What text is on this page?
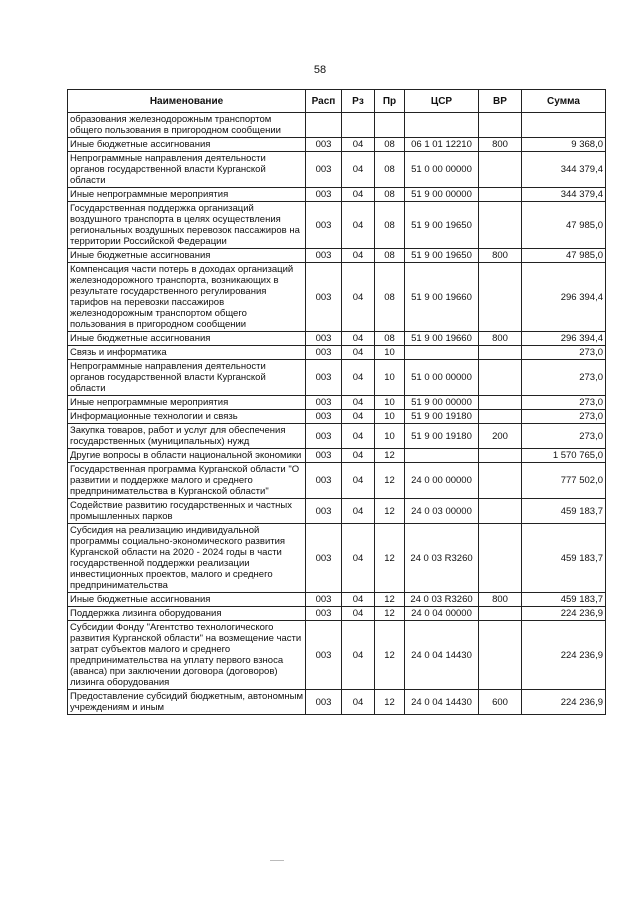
58
Наименование	Расп	Рз	Пр	ЦСР	ВР	Сумма
образования железнодорожным транспортом общего пользования в пригородном сообщении						
Иные бюджетные ассигнования	003	04	08	06 1 01 12210	800	9 368,0
Непрограммные направления деятельности органов государственной власти Курганской области	003	04	08	51 0 00 00000		344 379,4
Иные непрограммные мероприятия	003	04	08	51 9 00 00000		344 379,4
Государственная поддержка организаций воздушного транспорта в целях осуществления региональных воздушных перевозок пассажиров на территории Российской Федерации	003	04	08	51 9 00 19650		47 985,0
Иные бюджетные ассигнования	003	04	08	51 9 00 19650	800	47 985,0
Компенсация части потерь в доходах организаций железнодорожного транспорта, возникающих в результате государственного регулирования тарифов на перевозки пассажиров железнодорожным транспортом общего пользования в пригородном сообщении	003	04	08	51 9 00 19660		296 394,4
Иные бюджетные ассигнования	003	04	08	51 9 00 19660	800	296 394,4
Связь и информатика	003	04	10			273,0
Непрограммные направления деятельности органов государственной власти Курганской области	003	04	10	51 0 00 00000		273,0
Иные непрограммные мероприятия	003	04	10	51 9 00 00000		273,0
Информационные технологии и связь	003	04	10	51 9 00 19180		273,0
Закупка товаров, работ и услуг для обеспечения государственных (муниципальных) нужд	003	04	10	51 9 00 19180	200	273,0
Другие вопросы в области национальной экономики	003	04	12			1 570 765,0
Государственная программа Курганской области "О развитии и поддержке малого и среднего предпринимательства в Курганской области"	003	04	12	24 0 00 00000		777 502,0
Содействие развитию государственных и частных промышленных парков	003	04	12	24 0 03 00000		459 183,7
Субсидия на реализацию индивидуальной программы социально-экономического развития Курганской области на 2020 - 2024 годы в части государственной поддержки реализации инвестиционных проектов, малого и среднего предпринимательства	003	04	12	24 0 03 R3260		459 183,7
Иные бюджетные ассигнования	003	04	12	24 0 03 R3260	800	459 183,7
Поддержка лизинга оборудования	003	04	12	24 0 04 00000		224 236,9
Субсидии Фонду "Агентство технологического развития Курганской области" на возмещение части затрат субъектов малого и среднего предпринимательства на уплату первого взноса (аванса) при заключении договора (договоров) лизинга оборудования	003	04	12	24 0 04 14430		224 236,9
Предоставление субсидий бюджетным, автономным учреждениям и иным	003	04	12	24 0 04 14430	600	224 236,9
